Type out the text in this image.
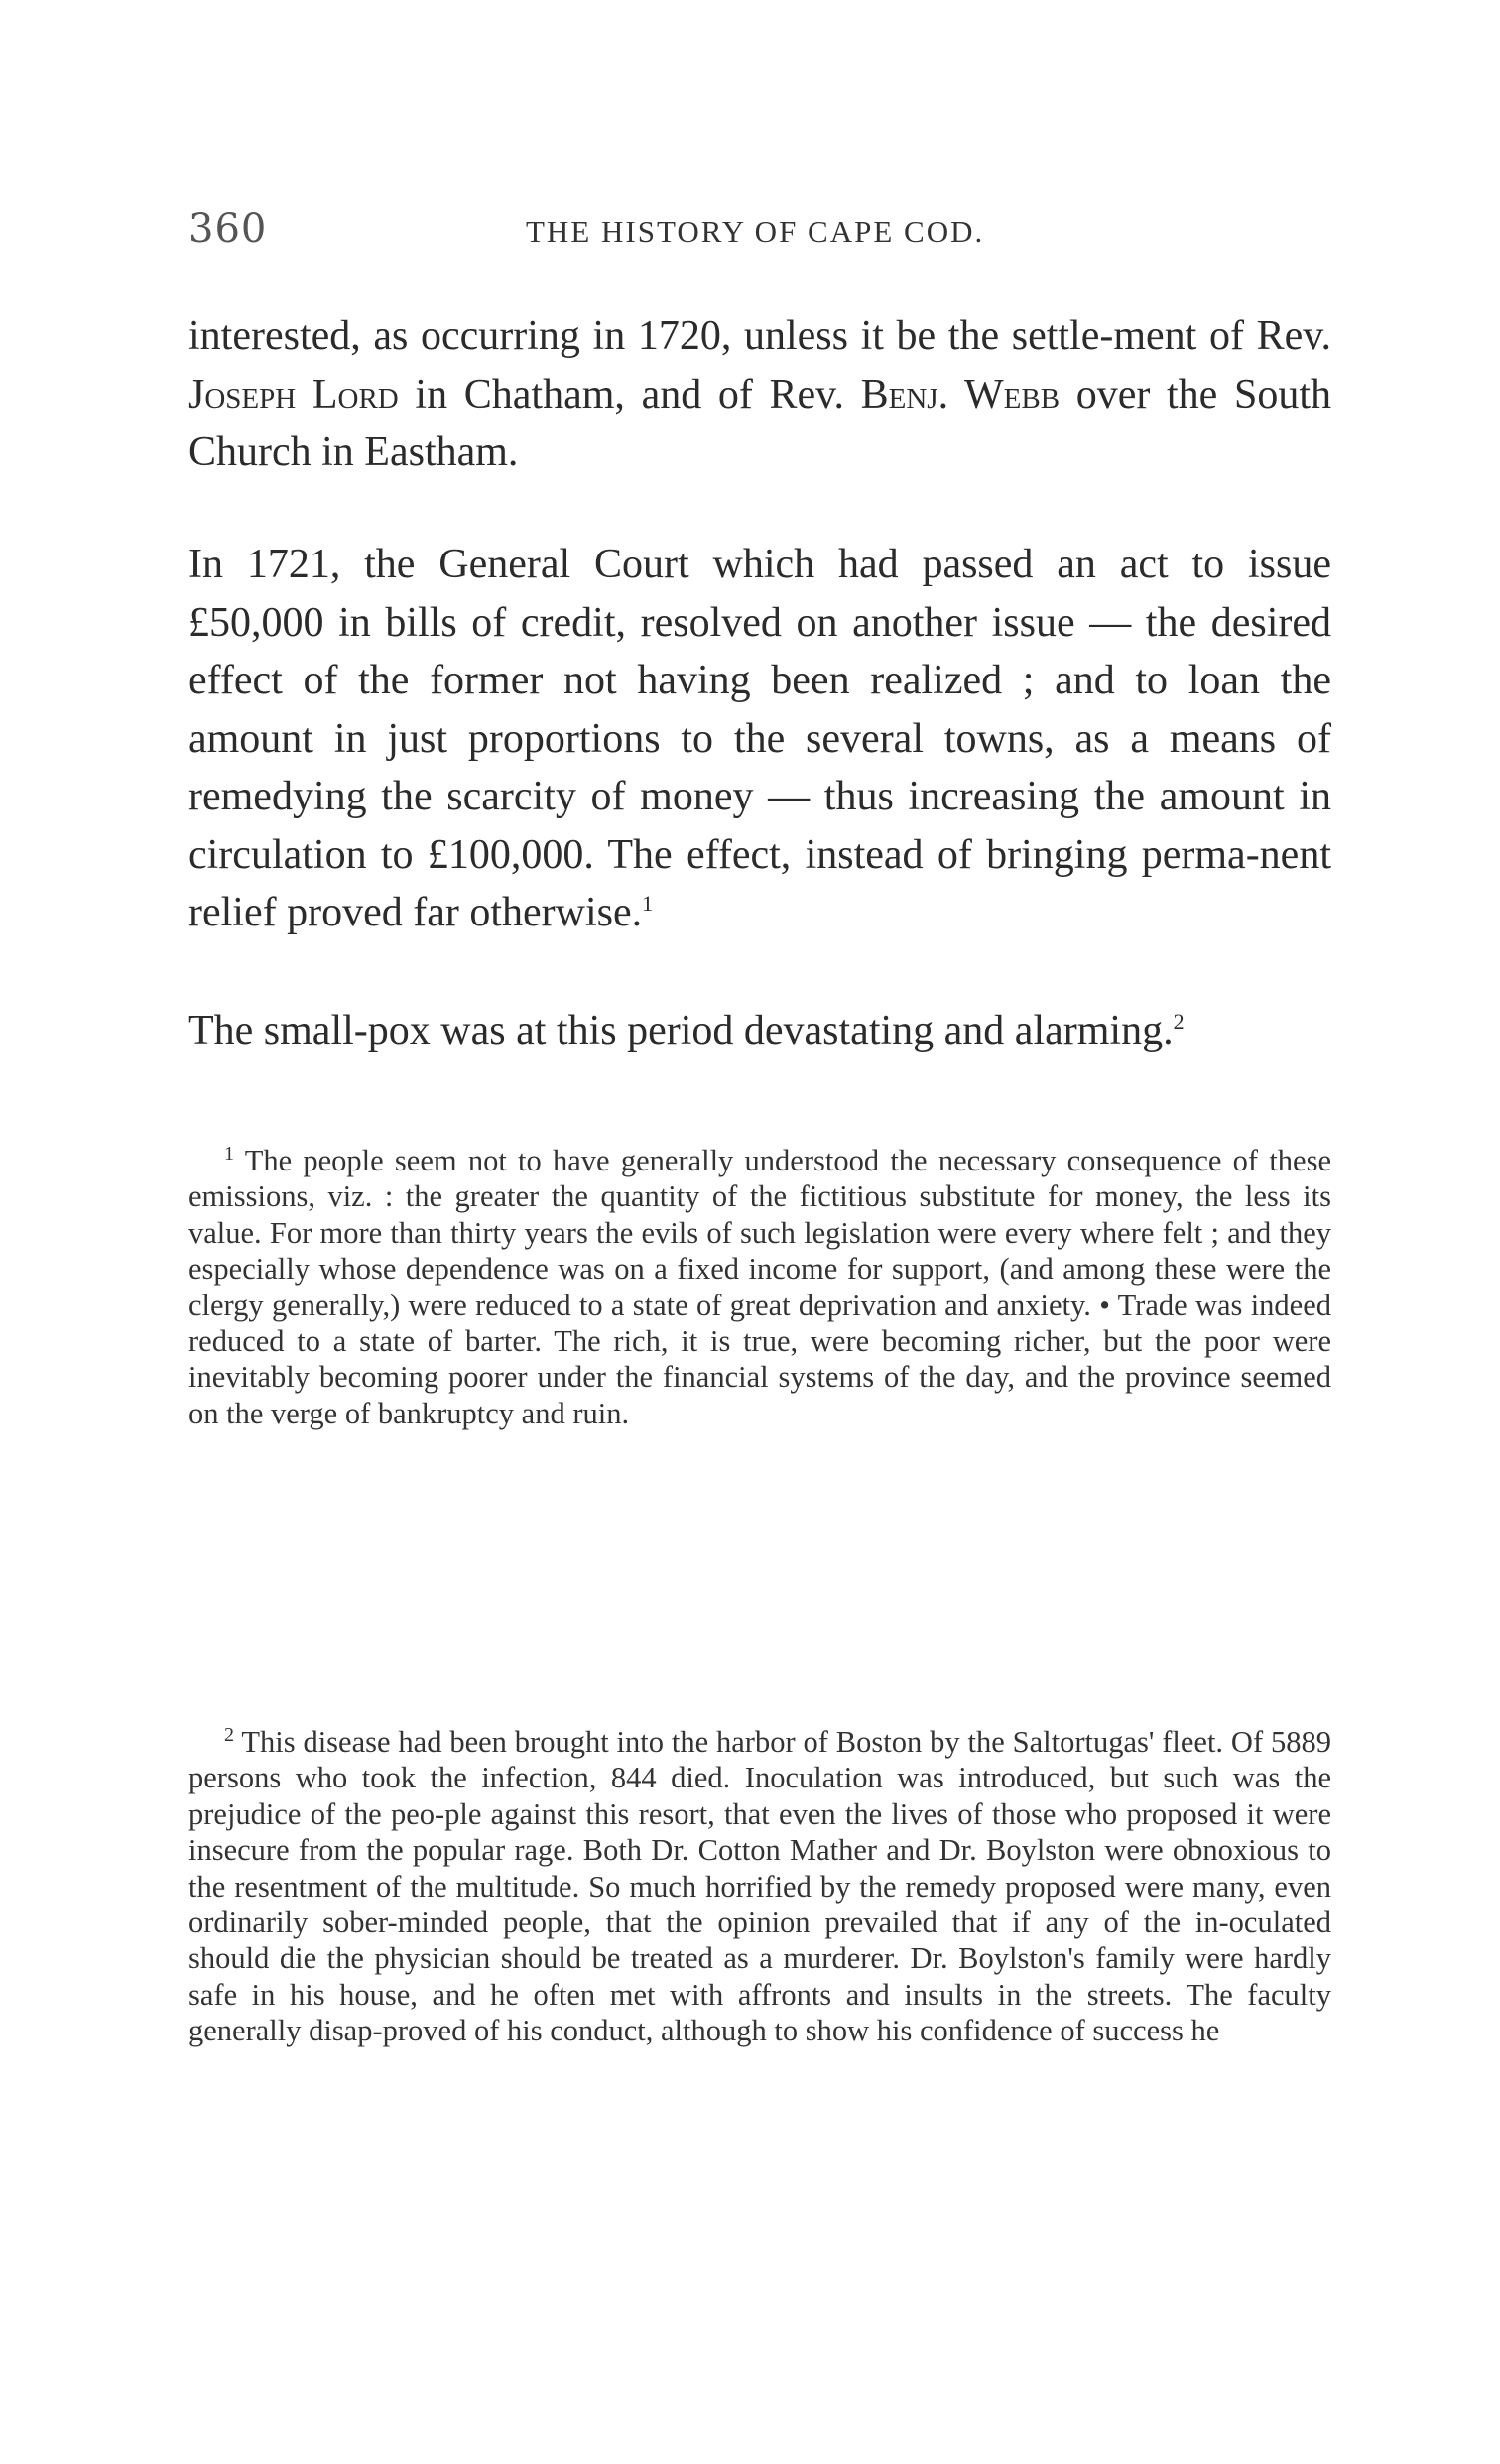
360	THE HISTORY OF CAPE COD.

interested, as occurring in 1720, unless it be the settle-ment of Rev. Joseph Lord in Chatham, and of Rev. Benj. Webb over the South Church in Eastham.

In 1721, the General Court which had passed an act to issue £50,000 in bills of credit, resolved on another issue — the desired effect of the former not having been realized ; and to loan the amount in just proportions to the several towns, as a means of remedying the scarcity of money — thus increasing the amount in circulation to £100,000. The effect, instead of bringing perma-nent relief proved far otherwise.$^1$

The small-pox was at this period devastating and alarming.$^2$

$^1$ The people seem not to have generally understood the necessary consequence of these emissions, viz. : the greater the quantity of the fictitious substitute for money, the less its value. For more than thirty years the evils of such legislation were every where felt ; and they especially whose dependence was on a fixed income for support, (and among these were the clergy generally,) were reduced to a state of great deprivation and anxiety. • Trade was indeed reduced to a state of barter. The rich, it is true, were becoming richer, but the poor were inevitably becoming poorer under the financial systems of the day, and the province seemed on the verge of bankruptcy and ruin.

$^2$ This disease had been brought into the harbor of Boston by the Saltortugas' fleet. Of 5889 persons who took the infection, 844 died. Inoculation was introduced, but such was the prejudice of the peo-ple against this resort, that even the lives of those who proposed it were insecure from the popular rage. Both Dr. Cotton Mather and Dr. Boylston were obnoxious to the resentment of the multitude. So much horrified by the remedy proposed were many, even ordinarily sober-minded people, that the opinion prevailed that if any of the in-oculated should die the physician should be treated as a murderer. Dr. Boylston's family were hardly safe in his house, and he often met with affronts and insults in the streets. The faculty generally disap-proved of his conduct, although to show his confidence of success he
